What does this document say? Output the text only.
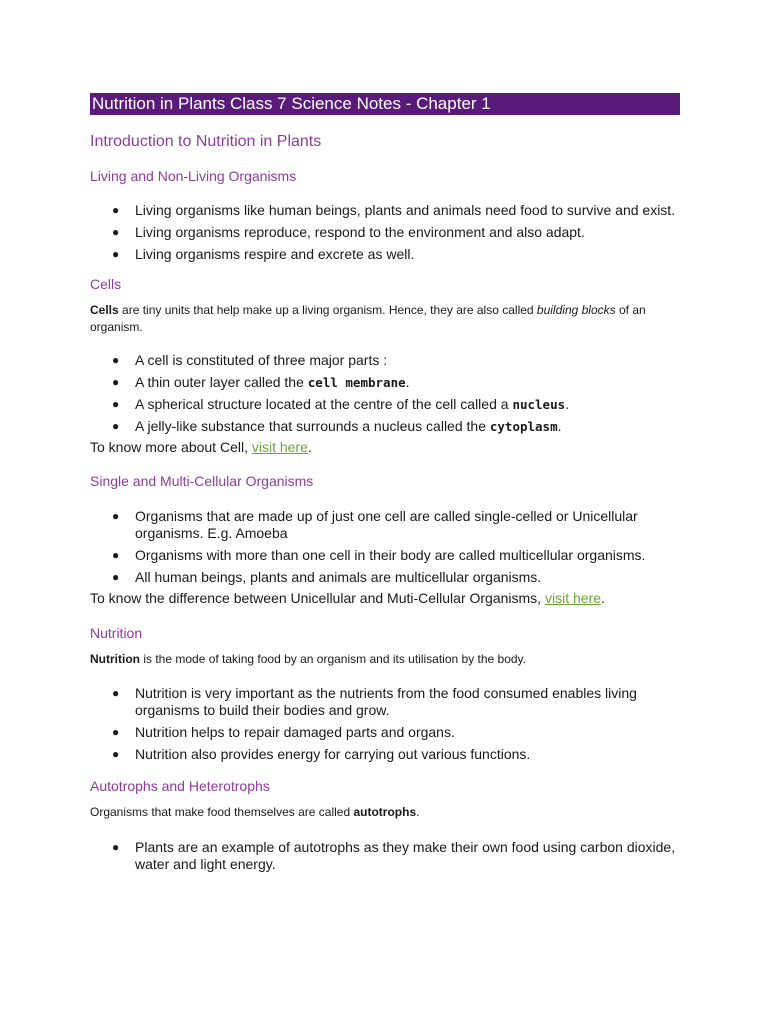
Nutrition in Plants Class 7 Science Notes - Chapter 1
Introduction to Nutrition in Plants
Living and Non-Living Organisms
● Living organisms like human beings, plants and animals need food to survive and exist.
● Living organisms reproduce, respond to the environment and also adapt.
● Living organisms respire and excrete as well.
Cells
Cells are tiny units that help make up a living organism. Hence, they are also called building blocks of an organism.
● A cell is constituted of three major parts :
● A thin outer layer called the cell membrane.
● A spherical structure located at the centre of the cell called a nucleus.
● A jelly-like substance that surrounds a nucleus called the cytoplasm.
To know more about Cell, visit here.
Single and Multi-Cellular Organisms
● Organisms that are made up of just one cell are called single-celled or Unicellular organisms. E.g. Amoeba
● Organisms with more than one cell in their body are called multicellular organisms.
● All human beings, plants and animals are multicellular organisms.
To know the difference between Unicellular and Muti-Cellular Organisms, visit here.
Nutrition
Nutrition is the mode of taking food by an organism and its utilisation by the body.
● Nutrition is very important as the nutrients from the food consumed enables living organisms to build their bodies and grow.
● Nutrition helps to repair damaged parts and organs.
● Nutrition also provides energy for carrying out various functions.
Autotrophs and Heterotrophs
Organisms that make food themselves are called autotrophs.
● Plants are an example of autotrophs as they make their own food using carbon dioxide, water and light energy.
